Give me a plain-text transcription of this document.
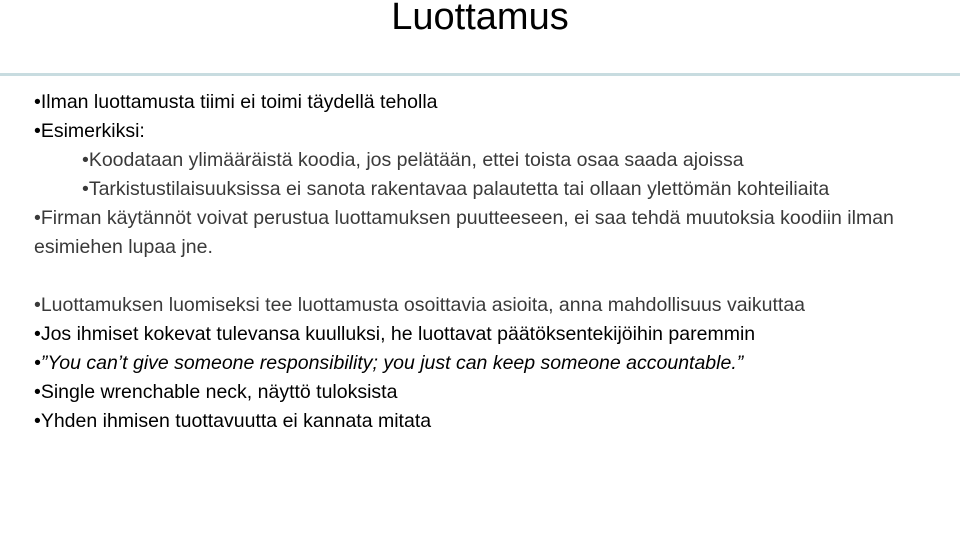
Luottamus
•Ilman luottamusta tiimi ei toimi täydellä teholla
•Esimerkiksi:
•Koodataan ylimääräistä koodia, jos pelätään, ettei toista osaa saada ajoissa
•Tarkistustilaisuuksissa ei sanota rakentavaa palautetta tai ollaan ylettömän kohteiliaita
•Firman käytännöt voivat perustua luottamuksen puutteeseen, ei saa tehdä muutoksia koodiin ilman esimiehen lupaa jne.
•Luottamuksen luomiseksi tee luottamusta osoittavia asioita, anna mahdollisuus vaikuttaa
•Jos ihmiset kokevat tulevansa kuulluksi, he luottavat päätöksentekijöihin paremmin
•”You can’t give someone responsibility; you just can keep someone accountable.”
•Single wrenchable neck, näyttö tuloksista
•Yhden ihmisen tuottavuutta ei kannata mitata
